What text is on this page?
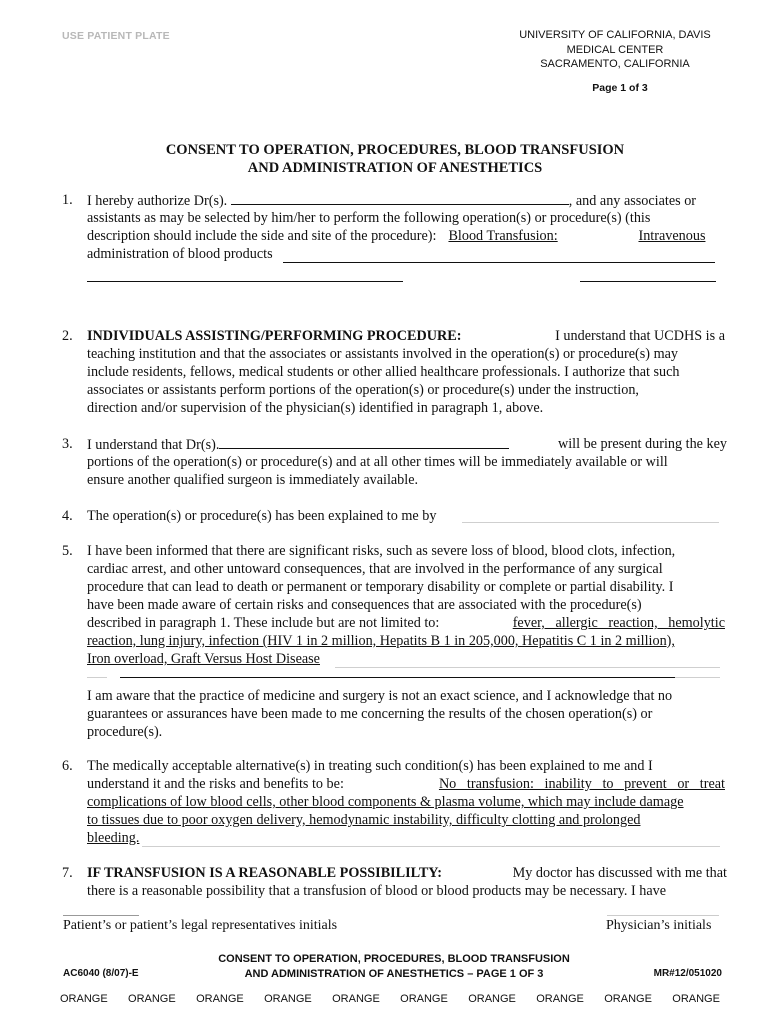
USE PATIENT PLATE	UNIVERSITY OF CALIFORNIA, DAVIS
MEDICAL CENTER
SACRAMENTO, CALIFORNIA
Page 1 of 3
CONSENT TO OPERATION, PROCEDURES, BLOOD TRANSFUSION
AND ADMINISTRATION OF ANESTHETICS
1.	I hereby authorize Dr(s).	, and any associates or
assistants as may be selected by him/her to perform the following operation(s) or procedure(s) (this
description should include the side and site of the procedure): Blood Transfusion:	Intravenous
administration of blood products
2.	INDIVIDUALS ASSISTING/PERFORMING PROCEDURE:	I understand that UCDHS is a
teaching institution and that the associates or assistants involved in the operation(s) or procedure(s) may
include residents, fellows, medical students or other allied healthcare professionals. I authorize that such
associates or assistants perform portions of the operation(s) or procedure(s) under the instruction,
direction and/or supervision of the physician(s) identified in paragraph 1, above.
3.	I understand that Dr(s).	will be present during the key
portions of the operation(s) or procedure(s) and at all other times will be immediately available or will
ensure another qualified surgeon is immediately available.
4.	The operation(s) or procedure(s) has been explained to me by
5.	I have been informed that there are significant risks, such as severe loss of blood, blood clots, infection,
cardiac arrest, and other untoward consequences, that are involved in the performance of any surgical
procedure that can lead to death or permanent or temporary disability or complete or partial disability. I
have been made aware of certain risks and consequences that are associated with the procedure(s)
described in paragraph 1. These include but are not limited to:	fever,   allergic   reaction,   hemolytic
reaction, lung injury, infection (HIV 1 in 2 million, Hepatits B 1 in 205,000, Hepatitis C 1 in 2 million),
Iron overload, Graft Versus Host Disease
I am aware that the practice of medicine and surgery is not an exact science, and I acknowledge that no
guarantees or assurances have been made to me concerning the results of the chosen operation(s) or
procedure(s).
6.	The medically acceptable alternative(s) in treating such condition(s) has been explained to me and I
understand it and the risks and benefits to be:	No   transfusion:   inability   to   prevent   or   treat
complications of low blood cells, other blood components & plasma volume, which may include damage
to tissues due to poor oxygen delivery, hemodynamic instability, difficulty clotting and prolonged
bleeding.
7.	IF TRANSFUSION IS A REASONABLE POSSIBILILTY:	My doctor has discussed with me that
there is a reasonable possibility that a transfusion of blood or blood products may be necessary. I have
Patient’s or patient’s legal representatives initials	Physician’s initials
CONSENT TO OPERATION, PROCEDURES, BLOOD TRANSFUSION
AND ADMINISTRATION OF ANESTHETICS – PAGE 1 OF 3
AC6040 (8/07)-E	MR#12/051020
ORANGE ORANGE ORANGE ORANGE ORANGE ORANGE ORANGE ORANGE ORANGE ORANGE
